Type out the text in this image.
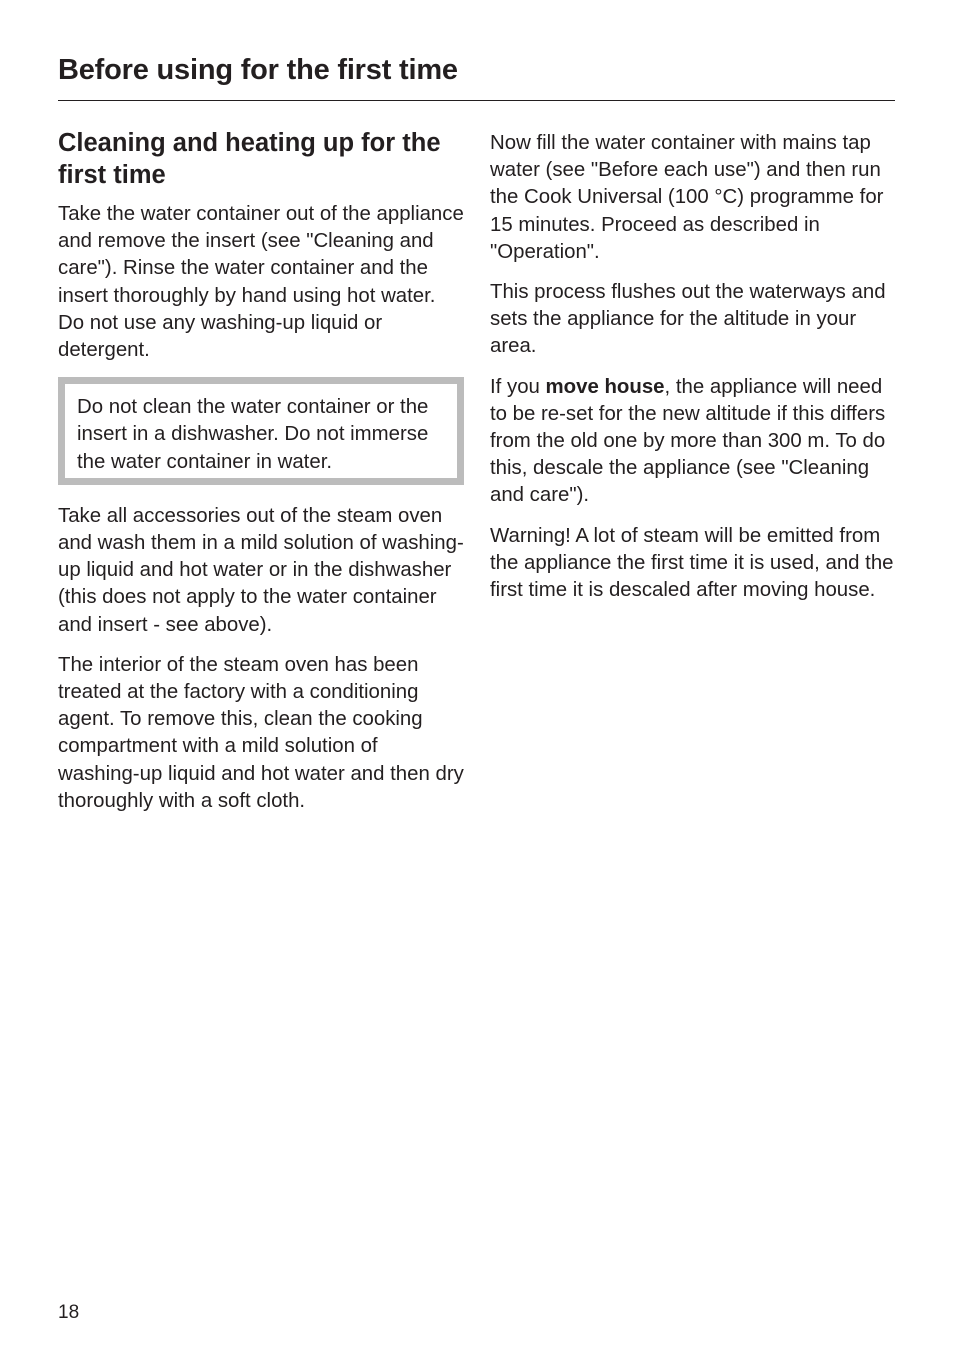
Before using for the first time
Cleaning and heating up for the first time

Take the water container out of the appliance and remove the insert (see "Cleaning and care"). Rinse the water container and the insert thoroughly by hand using hot water. Do not use any washing-up liquid or detergent.

Do not clean the water container or the insert in a dishwasher. Do not immerse the water container in water.

Take all accessories out of the steam oven and wash them in a mild solution of washing-up liquid and hot water or in the dishwasher (this does not apply to the water container and insert - see above).

The interior of the steam oven has been treated at the factory with a conditioning agent. To remove this, clean the cooking compartment with a mild solution of washing-up liquid and hot water and then dry thoroughly with a soft cloth.

Now fill the water container with mains tap water (see "Before each use") and then run the Cook Universal (100 °C) programme for 15 minutes. Proceed as described in "Operation".

This process flushes out the waterways and sets the appliance for the altitude in your area.

If you move house, the appliance will need to be re-set for the new altitude if this differs from the old one by more than 300 m. To do this, descale the appliance (see "Cleaning and care").

Warning! A lot of steam will be emitted from the appliance the first time it is used, and the first time it is descaled after moving house.

18
